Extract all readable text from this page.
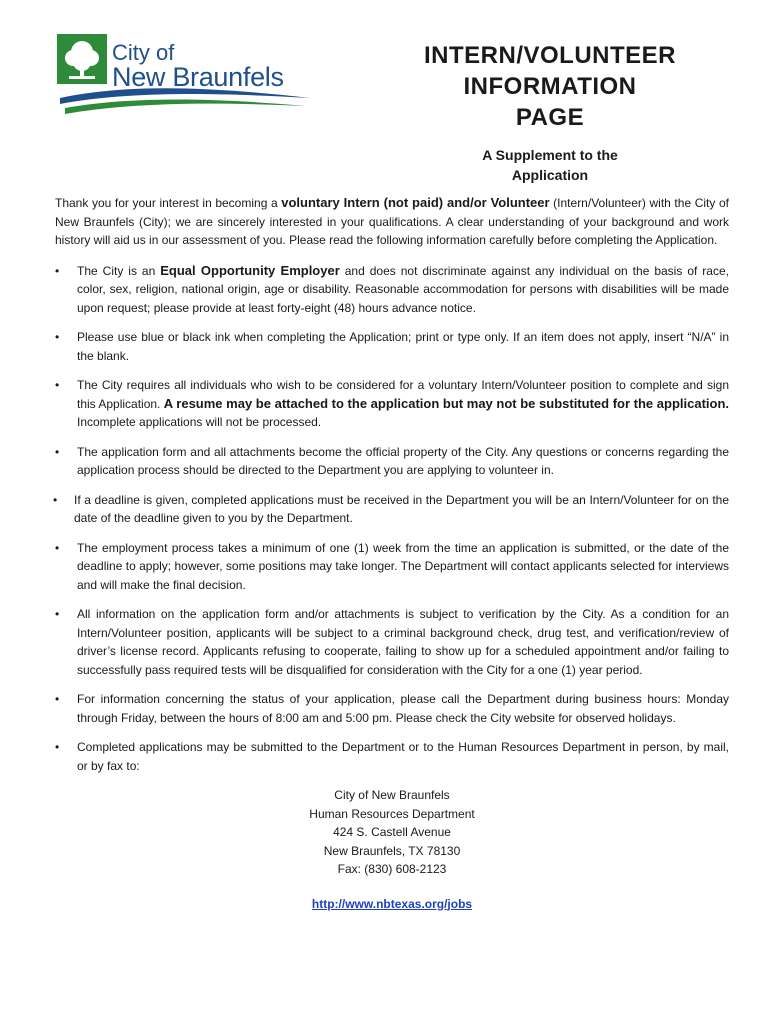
City of
New Braunfels
INTERN/VOLUNTEER
INFORMATION
PAGE
A Supplement to the
Application

Thank you for your interest in becoming a voluntary Intern (not paid) and/or Volunteer (Intern/Volunteer) with the City of New Braunfels (City); we are sincerely interested in your qualifications. A clear understanding of your background and work history will aid us in our assessment of you. Please read the following information carefully before completing the Application.

• The City is an Equal Opportunity Employer and does not discriminate against any individual on the basis of race, color, sex, religion, national origin, age or disability. Reasonable accommodation for persons with disabilities will be made upon request; please provide at least forty-eight (48) hours advance notice.
• Please use blue or black ink when completing the Application; print or type only. If an item does not apply, insert “N/A” in the blank.
• The City requires all individuals who wish to be considered for a voluntary Intern/Volunteer position to complete and sign this Application. A resume may be attached to the application but may not be substituted for the application. Incomplete applications will not be processed.
• The application form and all attachments become the official property of the City. Any questions or concerns regarding the application process should be directed to the Department you are applying to volunteer in.
• If a deadline is given, completed applications must be received in the Department you will be an Intern/Volunteer for on the date of the deadline given to you by the Department.
• The employment process takes a minimum of one (1) week from the time an application is submitted, or the date of the deadline to apply; however, some positions may take longer. The Department will contact applicants selected for interviews and will make the final decision.
• All information on the application form and/or attachments is subject to verification by the City. As a condition for an Intern/Volunteer position, applicants will be subject to a criminal background check, drug test, and verification/review of driver’s license record. Applicants refusing to cooperate, failing to show up for a scheduled appointment and/or failing to successfully pass required tests will be disqualified for consideration with the City for a one (1) year period.
• For information concerning the status of your application, please call the Department during business hours: Monday through Friday, between the hours of 8:00 am and 5:00 pm. Please check the City website for observed holidays.
• Completed applications may be submitted to the Department or to the Human Resources Department in person, by mail, or by fax to:
City of New Braunfels
Human Resources Department
424 S. Castell Avenue
New Braunfels, TX 78130
Fax: (830) 608-2123
http://www.nbtexas.org/jobs
